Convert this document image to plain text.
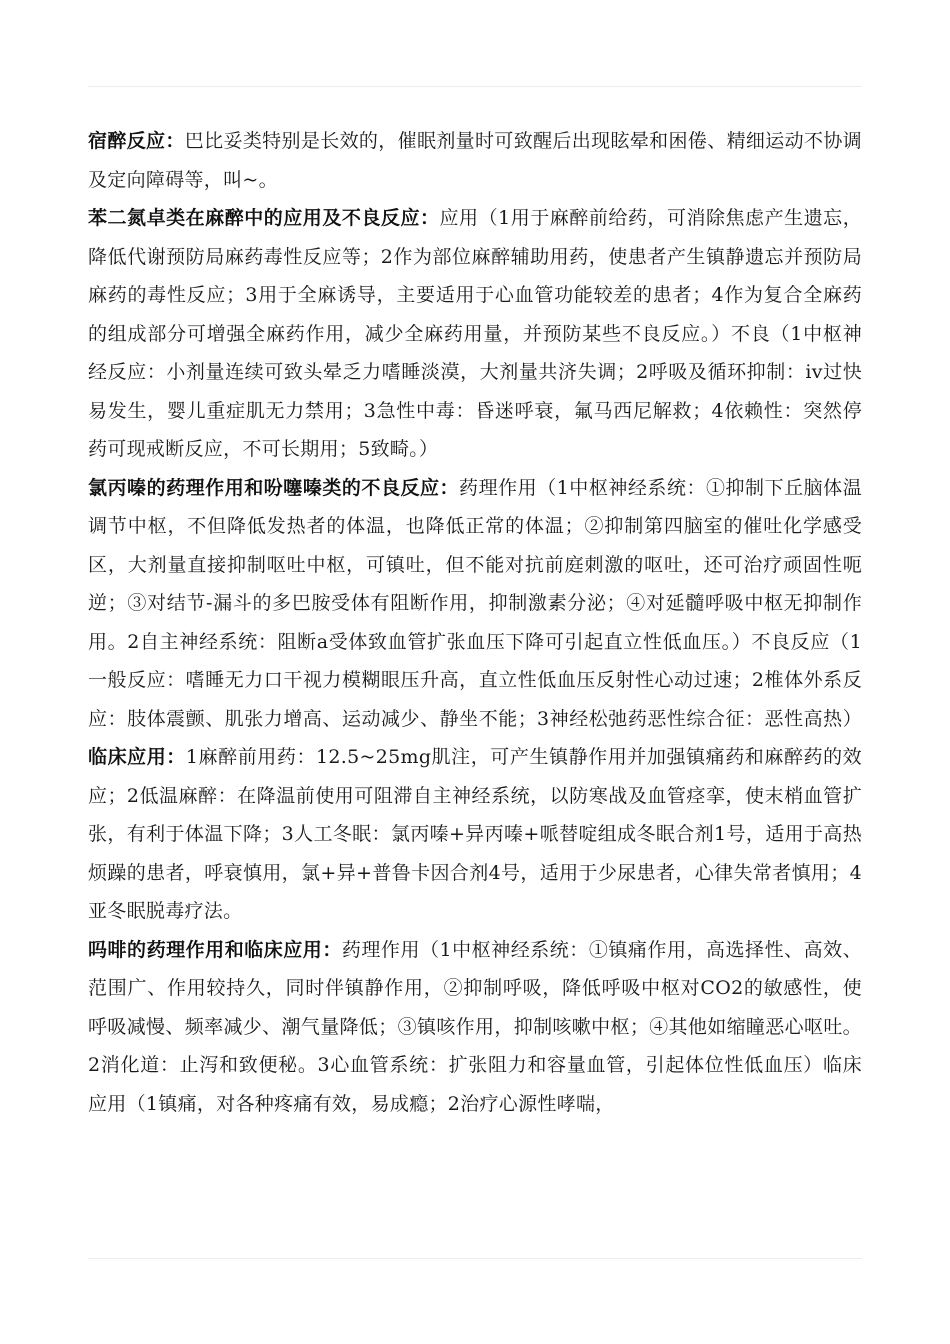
宿醉反应：巴比妥类特别是长效的，催眠剂量时可致醒后出现眩晕和困倦、精细运动不协调及定向障碍等，叫~。

苯二氮卓类在麻醉中的应用及不良反应：应用（1用于麻醉前给药，可消除焦虑产生遗忘，降低代谢预防局麻药毒性反应等；2作为部位麻醉辅助用药，使患者产生镇静遗忘并预防局麻药的毒性反应；3用于全麻诱导，主要适用于心血管功能较差的患者；4作为复合全麻药的组成部分可增强全麻药作用，减少全麻药用量，并预防某些不良反应。）不良（1中枢神经反应：小剂量连续可致头晕乏力嗜睡淡漠，大剂量共济失调；2呼吸及循环抑制：iv过快易发生，婴儿重症肌无力禁用；3急性中毒：昏迷呼衰，氟马西尼解救；4依赖性：突然停药可现戒断反应，不可长期用；5致畸。）

氯丙嗪的药理作用和吩噻嗪类的不良反应：药理作用（1中枢神经系统：①抑制下丘脑体温调节中枢，不但降低发热者的体温，也降低正常的体温；②抑制第四脑室的催吐化学感受区，大剂量直接抑制呕吐中枢，可镇吐，但不能对抗前庭刺激的呕吐，还可治疗顽固性呃逆；③对结节-漏斗的多巴胺受体有阻断作用，抑制激素分泌；④对延髓呼吸中枢无抑制作用。2自主神经系统：阻断a受体致血管扩张血压下降可引起直立性低血压。）不良反应（1一般反应：嗜睡无力口干视力模糊眼压升高，直立性低血压反射性心动过速；2椎体外系反应：肢体震颤、肌张力增高、运动减少、静坐不能；3神经松弛药恶性综合征：恶性高热）临床应用：1麻醉前用药：12.5~25mg肌注，可产生镇静作用并加强镇痛药和麻醉药的效应；2低温麻醉：在降温前使用可阻滞自主神经系统，以防寒战及血管痉挛，使末梢血管扩张，有利于体温下降；3人工冬眠：氯丙嗪+异丙嗪+哌替啶组成冬眠合剂1号，适用于高热烦躁的患者，呼衰慎用，氯+异+普鲁卡因合剂4号，适用于少尿患者，心律失常者慎用；4亚冬眠脱毒疗法。

吗啡的药理作用和临床应用：药理作用（1中枢神经系统：①镇痛作用，高选择性、高效、范围广、作用较持久，同时伴镇静作用，②抑制呼吸，降低呼吸中枢对CO2的敏感性，使呼吸减慢、频率减少、潮气量降低；③镇咳作用，抑制咳嗽中枢；④其他如缩瞳恶心呕吐。2消化道：止泻和致便秘。3心血管系统：扩张阻力和容量血管，引起体位性低血压）临床应用（1镇痛，对各种疼痛有效，易成瘾；2治疗心源性哮喘，
